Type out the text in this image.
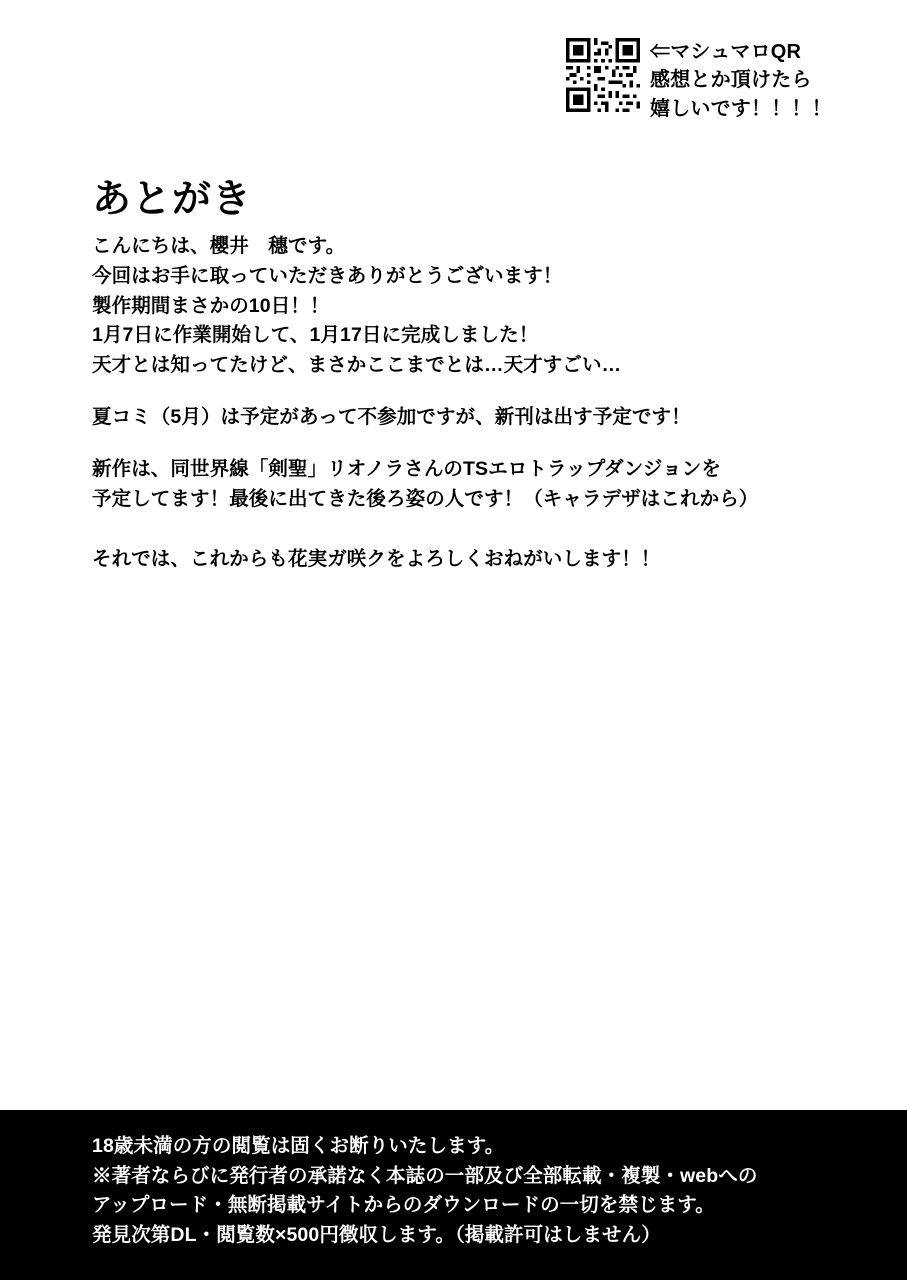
⇐マシュマロQR
感想とか頂けたら
嬉しいです！！！！
あとがき

こんにちは、櫻井　穗です。

今回はお手に取っていただきありがとうございます！

製作期間まさかの10日！！

1月7日に作業開始して、1月17日に完成しました！

天才とは知ってたけど、まさかここまでとは…天才すごい…

夏コミ（5月）は予定があって不参加ですが、新刊は出す予定です！

新作は、同世界線「剣聖」リオノラさんのTSエロトラップダンジョンを

予定してます！最後に出てきた後ろ姿の人です！（キャラデザはこれから）

それでは、これからも花実ガ咲クをよろしくおねがいします！！

18歳未満の方の閲覧は固くお断りいたします。

※著者ならびに発行者の承諾なく本誌の一部及び全部転載・複製・webへの

アップロード・無断掲載サイトからのダウンロードの一切を禁じます。

発見次第DL・閲覧数×500円徴収します。（掲載許可はしません）
